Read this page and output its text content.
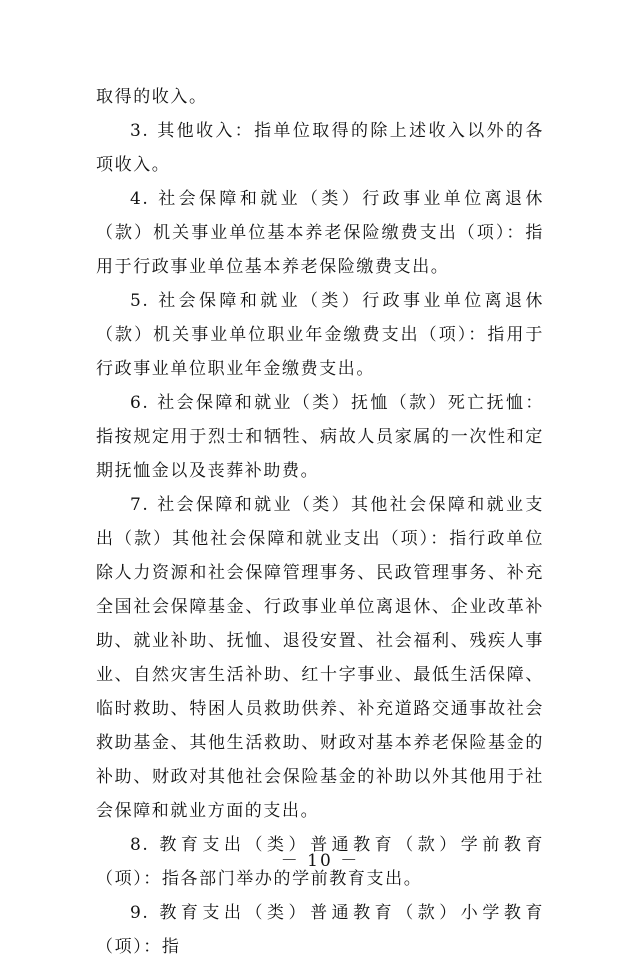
取得的收入。

3. 其他收入：指单位取得的除上述收入以外的各项收入。

4. 社会保障和就业（类）行政事业单位离退休（款）机关事业单位基本养老保险缴费支出（项）：指用于行政事业单位基本养老保险缴费支出。

5. 社会保障和就业（类）行政事业单位离退休（款）机关事业单位职业年金缴费支出（项）：指用于行政事业单位职业年金缴费支出。

6. 社会保障和就业（类）抚恤（款）死亡抚恤：指按规定用于烈士和牺牲、病故人员家属的一次性和定期抚恤金以及丧葬补助费。

7. 社会保障和就业（类）其他社会保障和就业支出（款）其他社会保障和就业支出（项）：指行政单位除人力资源和社会保障管理事务、民政管理事务、补充全国社会保障基金、行政事业单位离退休、企业改革补助、就业补助、抚恤、退役安置、社会福利、残疾人事业、自然灾害生活补助、红十字事业、最低生活保障、临时救助、特困人员救助供养、补充道路交通事故社会救助基金、其他生活救助、财政对基本养老保险基金的补助、财政对其他社会保险基金的补助以外其他用于社会保障和就业方面的支出。

8. 教育支出（类）普通教育（款）学前教育（项）：指各部门举办的学前教育支出。

9. 教育支出（类）普通教育（款）小学教育（项）：指

－ 10 －
